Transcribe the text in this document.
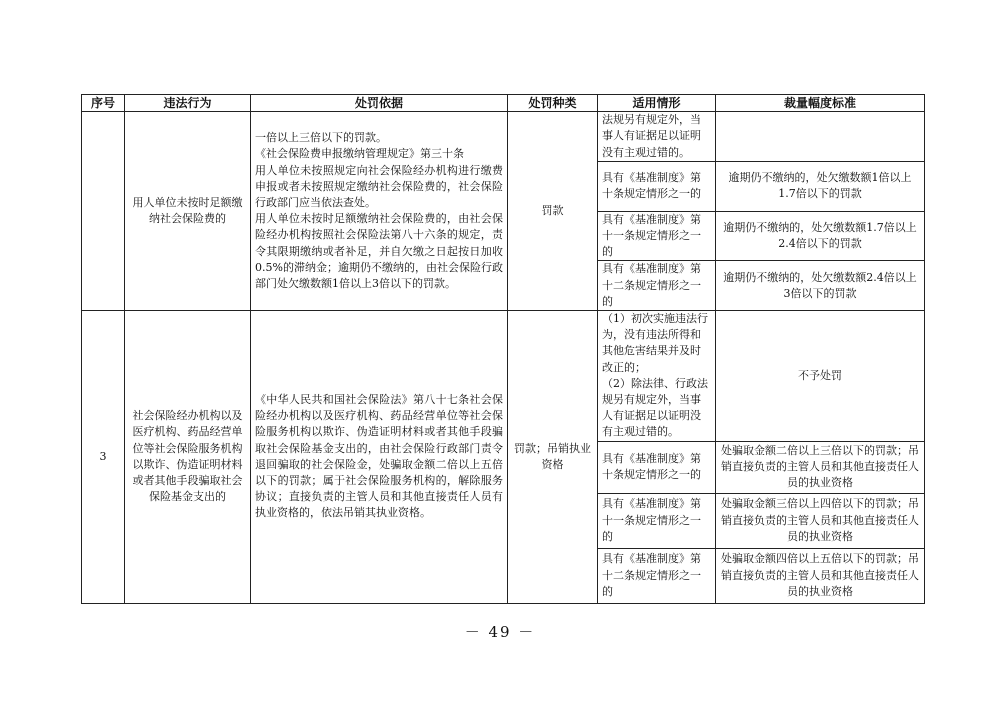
序号	违法行为	处罚依据	处罚种类	适用情形	裁量幅度标准
	用人单位未按时足额缴纳社会保险费的	一倍以上三倍以下的罚款。
《社会保险费申报缴纳管理规定》第三十条
用人单位未按照规定向社会保险经办机构进行缴费申报或者未按照规定缴纳社会保险费的，社会保险行政部门应当依法查处。
用人单位未按时足额缴纳社会保险费的，由社会保险经办机构按照社会保险法第八十六条的规定，责令其限期缴纳或者补足，并自欠缴之日起按日加收0.5%的滞纳金；逾期仍不缴纳的，由社会保险行政部门处欠缴数额1倍以上3倍以下的罚款。	罚款	法规另有规定外，当事人有证据足以证明没有主观过错的。	
				具有《基准制度》第十条规定情形之一的	逾期仍不缴纳的，处欠缴数额1倍以上1.7倍以下的罚款
				具有《基准制度》第十一条规定情形之一的	逾期仍不缴纳的，处欠缴数额1.7倍以上2.4倍以下的罚款
				具有《基准制度》第十二条规定情形之一的	逾期仍不缴纳的，处欠缴数额2.4倍以上3倍以下的罚款
3	社会保险经办机构以及医疗机构、药品经营单位等社会保险服务机构以欺诈、伪造证明材料或者其他手段骗取社会保险基金支出的	《中华人民共和国社会保险法》第八十七条社会保险经办机构以及医疗机构、药品经营单位等社会保险服务机构以欺诈、伪造证明材料或者其他手段骗取社会保险基金支出的，由社会保险行政部门责令退回骗取的社会保险金，处骗取金额二倍以上五倍以下的罚款；属于社会保险服务机构的，解除服务协议；直接负责的主管人员和其他直接责任人员有执业资格的，依法吊销其执业资格。	罚款；吊销执业资格	（1）初次实施违法行为，没有违法所得和其他危害结果并及时改正的；
（2）除法律、行政法规另有规定外，当事人有证据足以证明没有主观过错的。	不予处罚
				具有《基准制度》第十条规定情形之一的	处骗取金额二倍以上三倍以下的罚款；吊销直接负责的主管人员和其他直接责任人员的执业资格
				具有《基准制度》第十一条规定情形之一的	处骗取金额三倍以上四倍以下的罚款；吊销直接负责的主管人员和其他直接责任人员的执业资格
				具有《基准制度》第十二条规定情形之一的	处骗取金额四倍以上五倍以下的罚款；吊销直接负责的主管人员和其他直接责任人员的执业资格
－ 49 －
